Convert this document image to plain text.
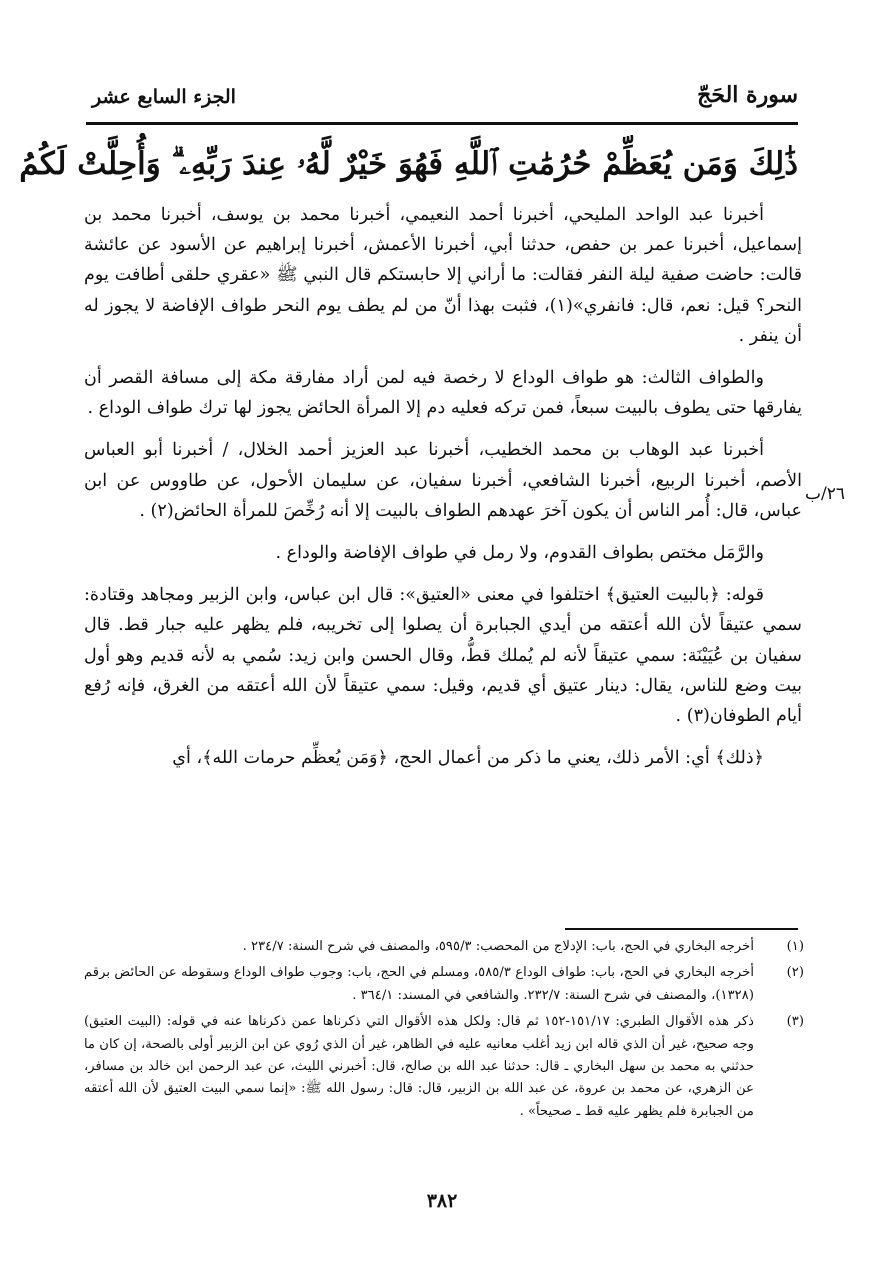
سورة الحَجّ
الجزء السابع عشر
ذَٰلِكَ وَمَن يُعَظِّمْ حُرُمَٰتِ ٱللَّهِ فَهُوَ خَيْرٌ لَّهُۥ عِندَ رَبِّهِۦ ۗ وَأُحِلَّتْ لَكُمُ
٢٦/ب

أخبرنا عبد الواحد المليحي، أخبرنا أحمد النعيمي، أخبرنا محمد بن يوسف، أخبرنا محمد بن إسماعيل، أخبرنا عمر بن حفص، حدثنا أبي، أخبرنا الأعمش، أخبرنا إبراهيم عن الأسود عن عائشة قالت: حاضت صفية ليلة النفر فقالت: ما أراني إلا حابستكم قال النبي ﷺ «عقري حلقى أطافت يوم النحر؟ قيل: نعم، قال: فانفري»(١)، فثبت بهذا أنّ من لم يطف يوم النحر طواف الإفاضة لا يجوز له أن ينفر .

والطواف الثالث: هو طواف الوداع لا رخصة فيه لمن أراد مفارقة مكة إلى مسافة القصر أن يفارقها حتى يطوف بالبيت سبعاً، فمن تركه فعليه دم إلا المرأة الحائض يجوز لها ترك طواف الوداع .

أخبرنا عبد الوهاب بن محمد الخطيب، أخبرنا عبد العزيز أحمد الخلال، / أخبرنا أبو العباس الأصم، أخبرنا الربيع، أخبرنا الشافعي، أخبرنا سفيان، عن سليمان الأحول، عن طاووس عن ابن عباس، قال: أُمر الناس أن يكون آخرَ عهدهم الطواف بالبيت إلا أنه رُخِّصَ للمرأة الحائض(٢) .

والرَّمَل مختص بطواف القدوم، ولا رمل في طواف الإفاضة والوداع .

قوله: ﴿بالبيت العتيق﴾ اختلفوا في معنى «العتيق»: قال ابن عباس، وابن الزبير ومجاهد وقتادة: سمي عتيقاً لأن الله أعتقه من أيدي الجبابرة أن يصلوا إلى تخريبه، فلم يظهر عليه جبار قط. قال سفيان بن عُيَيْنَة: سمي عتيقاً لأنه لم يُملك قطُّ، وقال الحسن وابن زيد: سُمي به لأنه قديم وهو أول بيت وضع للناس، يقال: دينار عتيق أي قديم، وقيل: سمي عتيقاً لأن الله أعتقه من الغرق، فإنه رُفع أيام الطوفان(٣) .

﴿ذلك﴾ أي: الأمر ذلك، يعني ما ذكر من أعمال الحج، ﴿وَمَن يُعظِّم حرمات الله﴾، أي

(١)
أخرجه البخاري في الحج، باب: الإدلاج من المحصب: ٥٩٥/٣، والمصنف في شرح السنة: ٢٣٤/٧ .
(٢)
أخرجه البخاري في الحج، باب: طواف الوداع ٥٨٥/٣، ومسلم في الحج، باب: وجوب طواف الوداع وسقوطه عن الحائض برقم (١٣٢٨)، والمصنف في شرح السنة: ٢٣٢/٧. والشافعي في المسند: ٣٦٤/١ .
(٣)
ذكر هذه الأقوال الطبري: ١٥١/١٧-١٥٢ ثم قال: ولكل هذه الأقوال التي ذكرناها عمن ذكرناها عنه في قوله: (البيت العتيق) وجه صحيح، غير أن الذي قاله ابن زيد أغلب معانيه عليه في الظاهر، غير أن الذي رُوي عن ابن الزبير أولى بالصحة، إن كان ما حدثني به محمد بن سهل البخاري ـ قال: حدثنا عبد الله بن صالح، قال: أخبرني الليث، عن عبد الرحمن ابن خالد بن مسافر، عن الزهري، عن محمد بن عروة، عن عبد الله بن الزبير، قال: قال: رسول الله ﷺ: «إنما سمي البيت العتيق لأن الله أعتقه من الجبابرة فلم يظهر عليه قط ـ صحيحاً» .
٣٨٢
